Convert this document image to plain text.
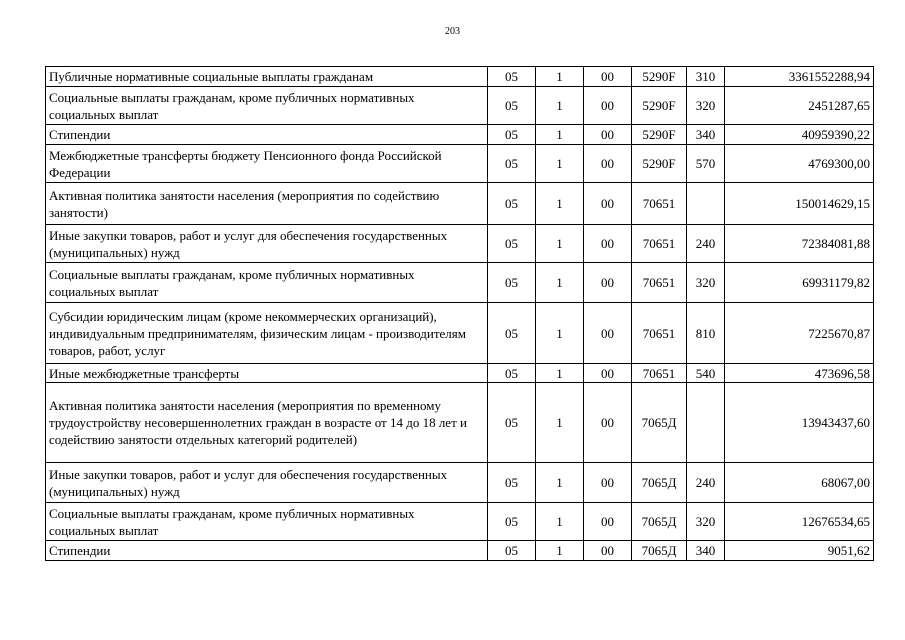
203
Публичные нормативные социальные выплаты гражданам	05	1	00	5290F	310	3361552288,94
Социальные выплаты гражданам, кроме публичных нормативных социальных выплат	05	1	00	5290F	320	2451287,65
Стипендии	05	1	00	5290F	340	40959390,22
Межбюджетные трансферты бюджету Пенсионного фонда Российской Федерации	05	1	00	5290F	570	4769300,00
Активная политика занятости населения (мероприятия по содействию занятости)	05	1	00	70651		150014629,15
Иные закупки товаров, работ и услуг для обеспечения государственных (муниципальных) нужд	05	1	00	70651	240	72384081,88
Социальные выплаты гражданам, кроме публичных нормативных социальных выплат	05	1	00	70651	320	69931179,82
Субсидии юридическим лицам (кроме некоммерческих организаций), индивидуальным предпринимателям, физическим лицам - производителям товаров, работ, услуг	05	1	00	70651	810	7225670,87
Иные межбюджетные трансферты	05	1	00	70651	540	473696,58
Активная политика занятости населения (мероприятия по временному трудоустройству несовершеннолетних граждан в возрасте от 14 до 18 лет и содействию занятости отдельных категорий родителей)	05	1	00	7065Д		13943437,60
Иные закупки товаров, работ и услуг для обеспечения государственных (муниципальных) нужд	05	1	00	7065Д	240	68067,00
Социальные выплаты гражданам, кроме публичных нормативных социальных выплат	05	1	00	7065Д	320	12676534,65
Стипендии	05	1	00	7065Д	340	9051,62
